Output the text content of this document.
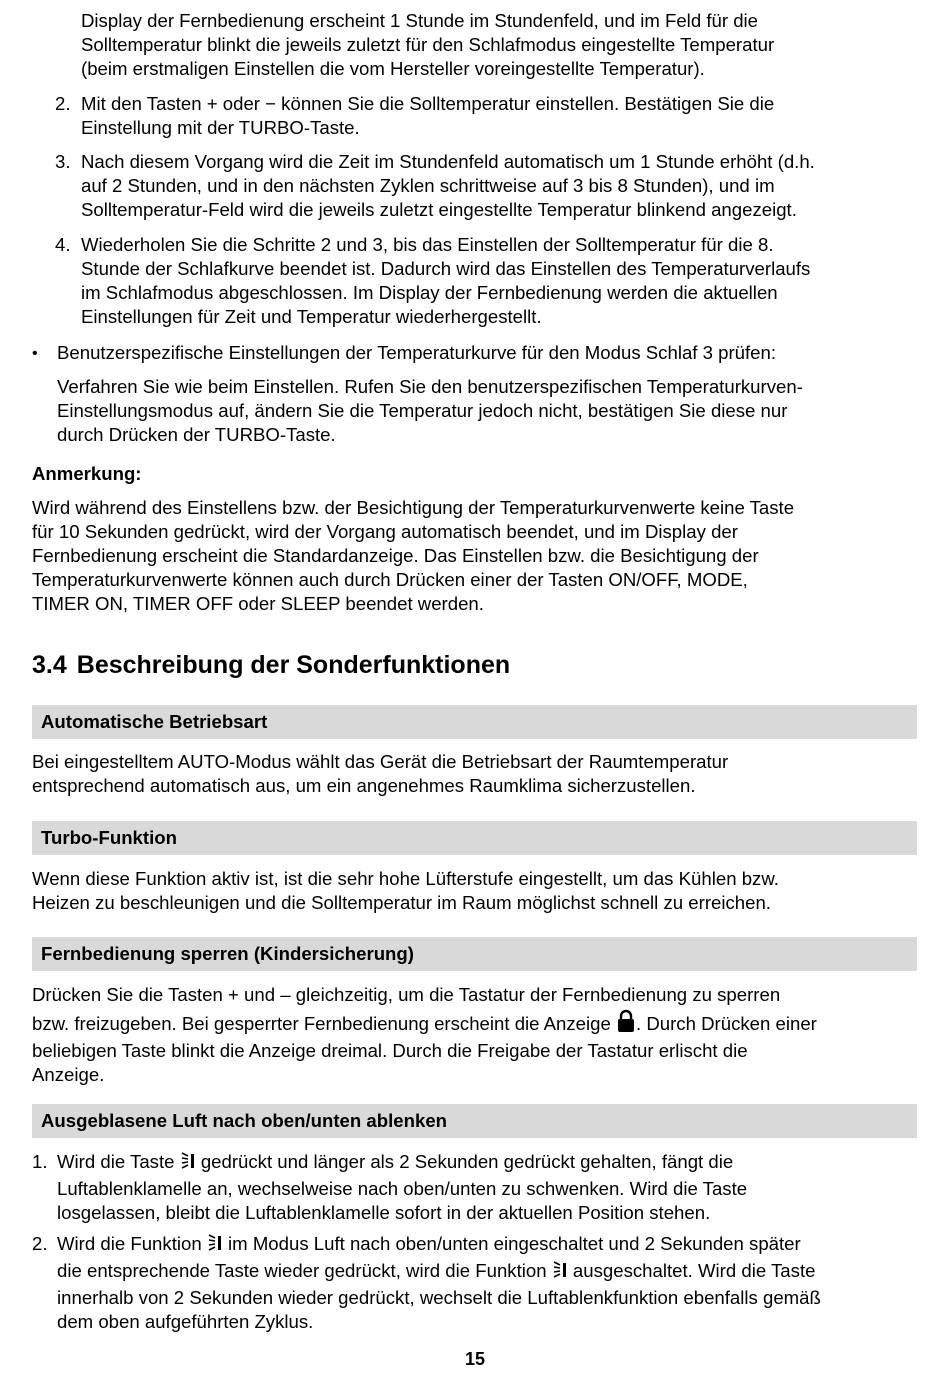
Display der Fernbedienung erscheint 1 Stunde im Stundenfeld, und im Feld für die

Solltemperatur blinkt die jeweils zuletzt für den Schlafmodus eingestellte Temperatur

(beim erstmaligen Einstellen die vom Hersteller voreingestellte Temperatur).

2. Mit den Tasten + oder − können Sie die Solltemperatur einstellen. Bestätigen Sie die

Einstellung mit der TURBO-Taste.

3. Nach diesem Vorgang wird die Zeit im Stundenfeld automatisch um 1 Stunde erhöht (d.h.

auf 2 Stunden, und in den nächsten Zyklen schrittweise auf 3 bis 8 Stunden), und im

Solltemperatur-Feld wird die jeweils zuletzt eingestellte Temperatur blinkend angezeigt.

4. Wiederholen Sie die Schritte 2 und 3, bis das Einstellen der Solltemperatur für die 8.

Stunde der Schlafkurve beendet ist. Dadurch wird das Einstellen des Temperaturverlaufs

im Schlafmodus abgeschlossen. Im Display der Fernbedienung werden die aktuellen

Einstellungen für Zeit und Temperatur wiederhergestellt.

• Benutzerspezifische Einstellungen der Temperaturkurve für den Modus Schlaf 3 prüfen:

Verfahren Sie wie beim Einstellen. Rufen Sie den benutzerspezifischen Temperaturkurven-

Einstellungsmodus auf, ändern Sie die Temperatur jedoch nicht, bestätigen Sie diese nur

durch Drücken der TURBO-Taste.

Anmerkung:

Wird während des Einstellens bzw. der Besichtigung der Temperaturkurvenwerte keine Taste

für 10 Sekunden gedrückt, wird der Vorgang automatisch beendet, und im Display der

Fernbedienung erscheint die Standardanzeige. Das Einstellen bzw. die Besichtigung der

Temperaturkurvenwerte können auch durch Drücken einer der Tasten ON/OFF, MODE,

TIMER ON, TIMER OFF oder SLEEP beendet werden.

3.4 Beschreibung der Sonderfunktionen
Automatische Betriebsart

Bei eingestelltem AUTO-Modus wählt das Gerät die Betriebsart der Raumtemperatur

entsprechend automatisch aus, um ein angenehmes Raumklima sicherzustellen.

Turbo-Funktion

Wenn diese Funktion aktiv ist, ist die sehr hohe Lüfterstufe eingestellt, um das Kühlen bzw.

Heizen zu beschleunigen und die Solltemperatur im Raum möglichst schnell zu erreichen.

Fernbedienung sperren (Kindersicherung)

Drücken Sie die Tasten + und – gleichzeitig, um die Tastatur der Fernbedienung zu sperren

bzw. freizugeben. Bei gesperrter Fernbedienung erscheint die Anzeige . Durch Drücken einer

beliebigen Taste blinkt die Anzeige dreimal. Durch die Freigabe der Tastatur erlischt die

Anzeige.

Ausgeblasene Luft nach oben/unten ablenken
1. Wird die Taste gedrückt und länger als 2 Sekunden gedrückt gehalten, fängt die

Luftablenklamelle an, wechselweise nach oben/unten zu schwenken. Wird die Taste

losgelassen, bleibt die Luftablenklamelle sofort in der aktuellen Position stehen.

2. Wird die Funktion im Modus Luft nach oben/unten eingeschaltet und 2 Sekunden später

die entsprechende Taste wieder gedrückt, wird die Funktion ausgeschaltet. Wird die Taste

innerhalb von 2 Sekunden wieder gedrückt, wechselt die Luftablenkfunktion ebenfalls gemäß

dem oben aufgeführten Zyklus.

15
